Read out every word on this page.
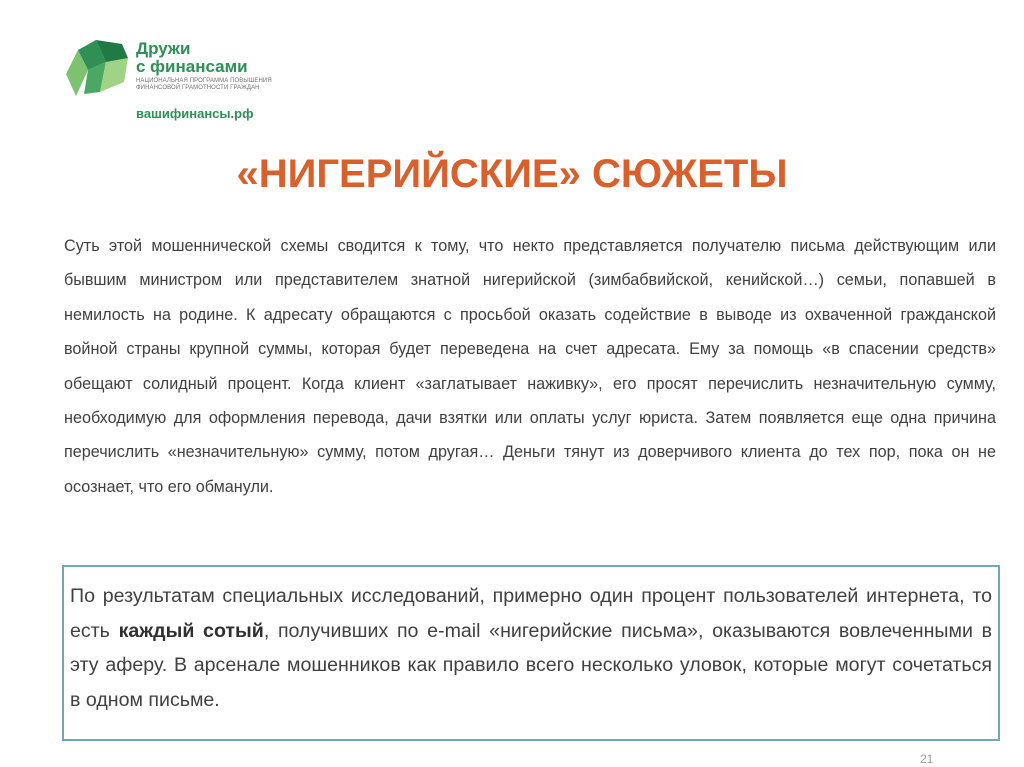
Дружи
с финансами
НАЦИОНАЛЬНАЯ ПРОГРАММА ПОВЫШЕНИЯ ФИНАНСОВОЙ ГРАМОТНОСТИ ГРАЖДАН
вашифинансы.рф
«НИГЕРИЙСКИЕ» СЮЖЕТЫ
Суть этой мошеннической схемы сводится к тому, что некто представляется получателю письма действующим или бывшим министром или представителем знатной нигерийской (зимбабвийской, кенийской…) семьи, попавшей в немилость на родине. К адресату обращаются с просьбой оказать содействие в выводе из охваченной гражданской войной страны крупной суммы, которая будет переведена на счет адресата. Ему за помощь «в спасении средств» обещают солидный процент. Когда клиент «заглатывает наживку», его просят перечислить незначительную сумму, необходимую для оформления перевода, дачи взятки или оплаты услуг юриста. Затем появляется еще одна причина перечислить «незначительную» сумму, потом другая… Деньги тянут из доверчивого клиента до тех пор, пока он не осознает, что его обманули.
По результатам специальных исследований, примерно один процент пользователей интернета, то есть каждый сотый, получивших по e-mail «нигерийские письма», оказываются вовлеченными в эту аферу. В арсенале мошенников как правило всего несколько уловок, которые могут сочетаться в одном письме.
21
